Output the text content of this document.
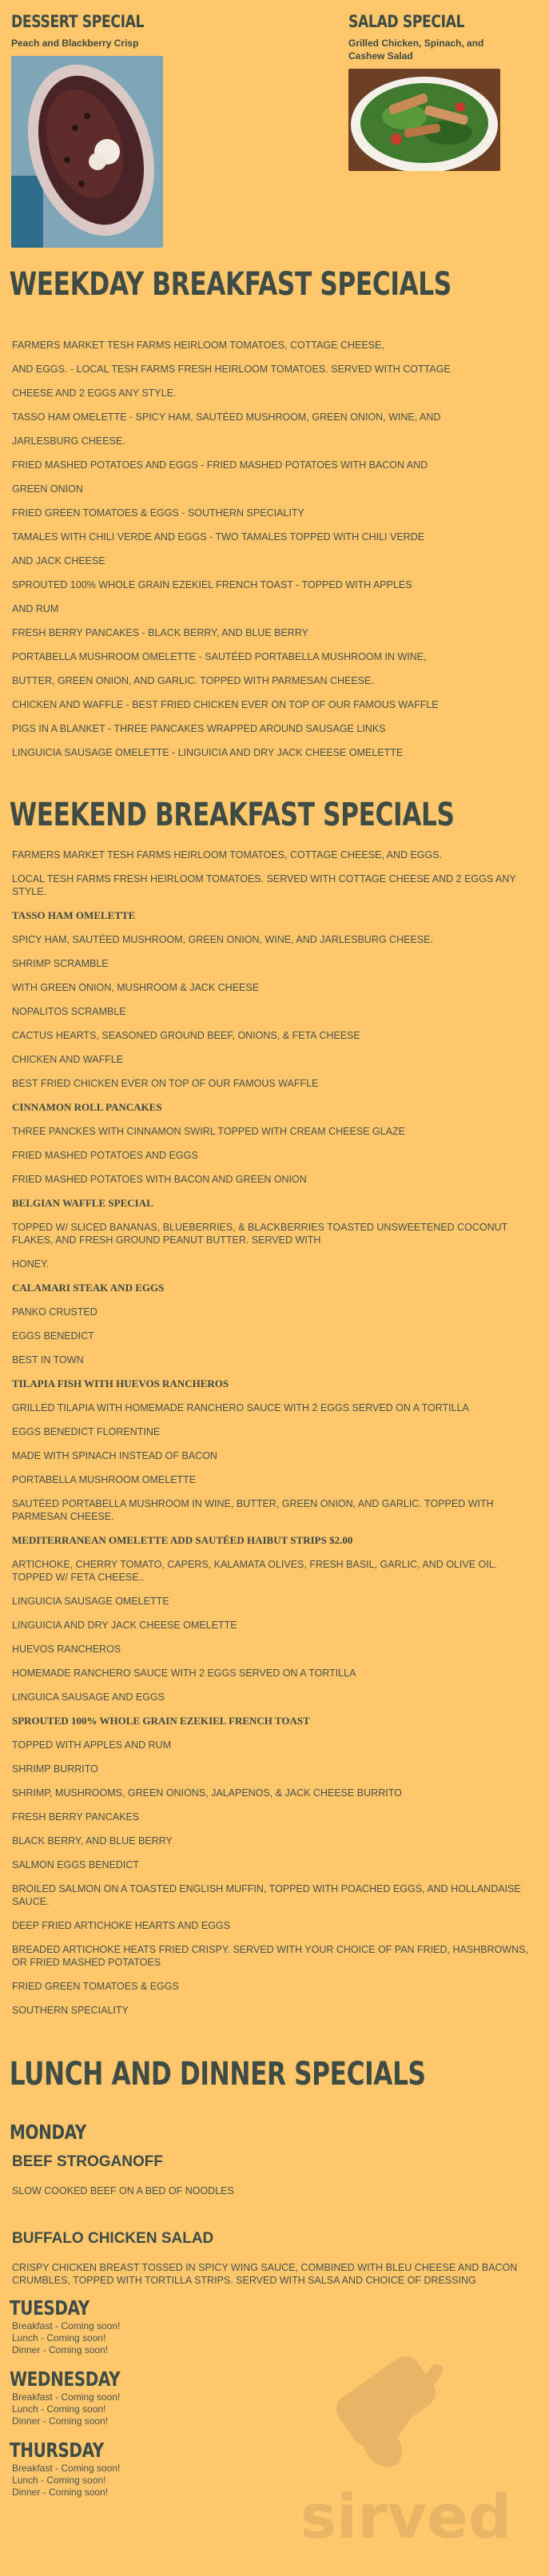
DESSERT SPECIAL
Peach and Blackberry Crisp
SALAD SPECIAL
Grilled Chicken, Spinach, and Cashew Salad
WEEKDAY BREAKFAST SPECIALS
FARMERS MARKET TESH FARMS HEIRLOOM TOMATOES, COTTAGE CHEESE,
AND EGGS. - LOCAL TESH FARMS FRESH HEIRLOOM TOMATOES. SERVED WITH COTTAGE
CHEESE AND 2 EGGS ANY STYLE.
TASSO HAM OMELETTE - SPICY HAM, SAUTÉED MUSHROOM, GREEN ONION, WINE, AND
JARLESBURG CHEESE.
FRIED MASHED POTATOES AND EGGS - FRIED MASHED POTATOES WITH BACON AND
GREEN ONION
FRIED GREEN TOMATOES & EGGS - SOUTHERN SPECIALITY
TAMALES WITH CHILI VERDE AND EGGS - TWO TAMALES TOPPED WITH CHILI VERDE
AND JACK CHEESE
SPROUTED 100% WHOLE GRAIN EZEKIEL FRENCH TOAST - TOPPED WITH APPLES
AND RUM
FRESH BERRY PANCAKES - BLACK BERRY, AND BLUE BERRY
PORTABELLA MUSHROOM OMELETTE - SAUTÉED PORTABELLA MUSHROOM IN WINE,
BUTTER, GREEN ONION, AND GARLIC. TOPPED WITH PARMESAN CHEESE.
CHICKEN AND WAFFLE - BEST FRIED CHICKEN EVER ON TOP OF OUR FAMOUS WAFFLE
PIGS IN A BLANKET - THREE PANCAKES WRAPPED AROUND SAUSAGE LINKS
LINGUICIA SAUSAGE OMELETTE - LINGUICIA AND DRY JACK CHEESE OMELETTE
WEEKEND BREAKFAST SPECIALS
FARMERS MARKET TESH FARMS HEIRLOOM TOMATOES, COTTAGE CHEESE, AND EGGS.
LOCAL TESH FARMS FRESH HEIRLOOM TOMATOES. SERVED WITH COTTAGE CHEESE AND 2 EGGS ANY STYLE.
TASSO HAM OMELETTE
SPICY HAM, SAUTÉED MUSHROOM, GREEN ONION, WINE, AND JARLESBURG CHEESE.
SHRIMP SCRAMBLE
WITH GREEN ONION, MUSHROOM & JACK CHEESE
NOPALITOS SCRAMBLE
CACTUS HEARTS, SEASONED GROUND BEEF, ONIONS, & FETA CHEESE
CHICKEN AND WAFFLE
BEST FRIED CHICKEN EVER ON TOP OF OUR FAMOUS WAFFLE
CINNAMON ROLL PANCAKES
THREE PANCKES WITH CINNAMON SWIRL TOPPED WITH CREAM CHEESE GLAZE
FRIED MASHED POTATOES AND EGGS
FRIED MASHED POTATOES WITH BACON AND GREEN ONION
BELGIAN WAFFLE SPECIAL
TOPPED W/ SLICED BANANAS, BLUEBERRIES, & BLACKBERRIES TOASTED UNSWEETENED COCONUT FLAKES, AND FRESH GROUND PEANUT BUTTER. SERVED WITH
HONEY.
CALAMARI STEAK AND EGGS
PANKO CRUSTED
EGGS BENEDICT
BEST IN TOWN
TILAPIA FISH WITH HUEVOS RANCHEROS
GRILLED TILAPIA WITH HOMEMADE RANCHERO SAUCE WITH 2 EGGS SERVED ON A TORTILLA
EGGS BENEDICT FLORENTINE
MADE WITH SPINACH INSTEAD OF BACON
PORTABELLA MUSHROOM OMELETTE
SAUTÉED PORTABELLA MUSHROOM IN WINE, BUTTER, GREEN ONION, AND GARLIC. TOPPED WITH PARMESAN CHEESE.
MEDITERRANEAN OMELETTE ADD SAUTÉED HAIBUT STRIPS $2.00
ARTICHOKE, CHERRY TOMATO, CAPERS, KALAMATA OLIVES, FRESH BASIL, GARLIC, AND OLIVE OIL. TOPPED W/ FETA CHEESE..
LINGUICIA SAUSAGE OMELETTE
LINGUICIA AND DRY JACK CHEESE OMELETTE
HUEVOS RANCHEROS
HOMEMADE RANCHERO SAUCE WITH 2 EGGS SERVED ON A TORTILLA
LINGUICA SAUSAGE AND EGGS
SPROUTED 100% WHOLE GRAIN EZEKIEL FRENCH TOAST
TOPPED WITH APPLES AND RUM
SHRIMP BURRITO
SHRIMP, MUSHROOMS, GREEN ONIONS, JALAPENOS, & JACK CHEESE BURRITO
FRESH BERRY PANCAKES
BLACK BERRY, AND BLUE BERRY
SALMON EGGS BENEDICT
BROILED SALMON ON A TOASTED ENGLISH MUFFIN, TOPPED WITH POACHED EGGS, AND HOLLANDAISE SAUCE.
DEEP FRIED ARTICHOKE HEARTS AND EGGS
BREADED ARTICHOKE HEATS FRIED CRISPY. SERVED WITH YOUR CHOICE OF PAN FRIED, HASHBROWNS, OR FRIED MASHED POTATOES
FRIED GREEN TOMATOES & EGGS
SOUTHERN SPECIALITY
LUNCH AND DINNER SPECIALS
MONDAY
BEEF STROGANOFF
SLOW COOKED BEEF ON A BED OF NOODLES
BUFFALO CHICKEN SALAD
CRISPY CHICKEN BREAST TOSSED IN SPICY WING SAUCE, COMBINED WITH BLEU CHEESE AND BACON CRUMBLES, TOPPED WITH TORTILLA STRIPS. SERVED WITH SALSA AND CHOICE OF DRESSING
TUESDAY
Breakfast - Coming soon!
Lunch - Coming soon!
Dinner - Coming soon!
WEDNESDAY
Breakfast - Coming soon!
Lunch - Coming soon!
Dinner - Coming soon!
THURSDAY
Breakfast - Coming soon!
Lunch - Coming soon!
Dinner - Coming soon!	sirved
